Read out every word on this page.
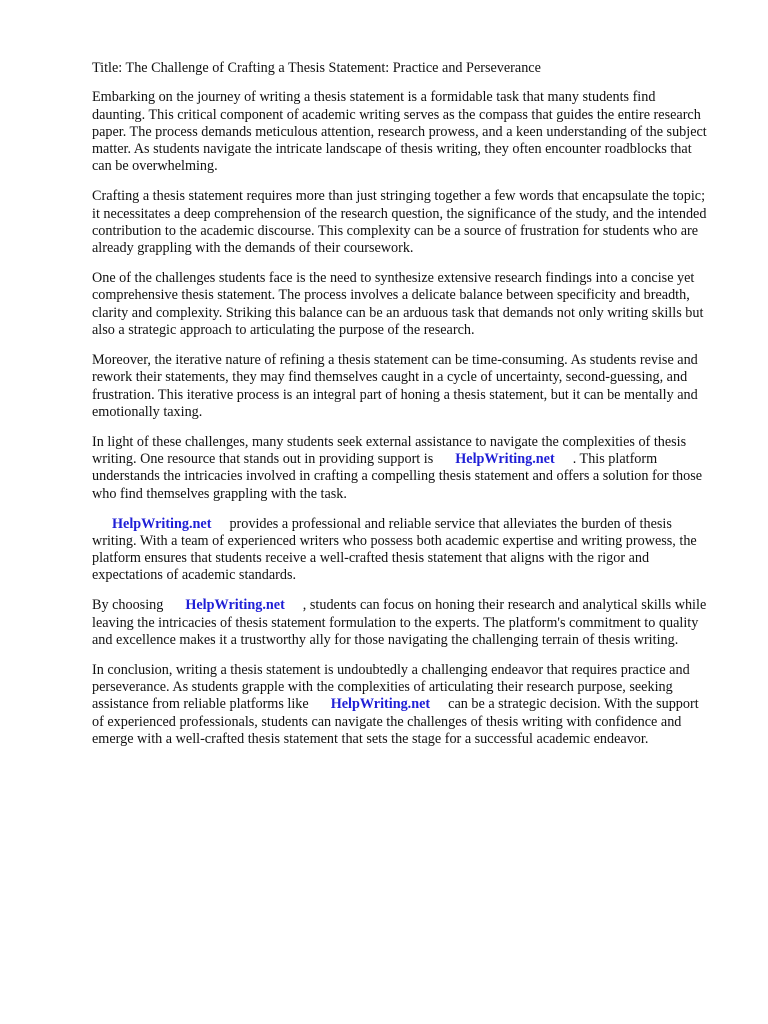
Title: The Challenge of Crafting a Thesis Statement: Practice and Perseverance

Embarking on the journey of writing a thesis statement is a formidable task that many students find daunting. This critical component of academic writing serves as the compass that guides the entire research paper. The process demands meticulous attention, research prowess, and a keen understanding of the subject matter. As students navigate the intricate landscape of thesis writing, they often encounter roadblocks that can be overwhelming.

Crafting a thesis statement requires more than just stringing together a few words that encapsulate the topic; it necessitates a deep comprehension of the research question, the significance of the study, and the intended contribution to the academic discourse. This complexity can be a source of frustration for students who are already grappling with the demands of their coursework.

One of the challenges students face is the need to synthesize extensive research findings into a concise yet comprehensive thesis statement. The process involves a delicate balance between specificity and breadth, clarity and complexity. Striking this balance can be an arduous task that demands not only writing skills but also a strategic approach to articulating the purpose of the research.

Moreover, the iterative nature of refining a thesis statement can be time-consuming. As students revise and rework their statements, they may find themselves caught in a cycle of uncertainty, second-guessing, and frustration. This iterative process is an integral part of honing a thesis statement, but it can be mentally and emotionally taxing.

In light of these challenges, many students seek external assistance to navigate the complexities of thesis writing. One resource that stands out in providing support is HelpWriting.net . This platform understands the intricacies involved in crafting a compelling thesis statement and offers a solution for those who find themselves grappling with the task.

HelpWriting.net provides a professional and reliable service that alleviates the burden of thesis writing. With a team of experienced writers who possess both academic expertise and writing prowess, the platform ensures that students receive a well-crafted thesis statement that aligns with the rigor and expectations of academic standards.

By choosing HelpWriting.net , students can focus on honing their research and analytical skills while leaving the intricacies of thesis statement formulation to the experts. The platform's commitment to quality and excellence makes it a trustworthy ally for those navigating the challenging terrain of thesis writing.

In conclusion, writing a thesis statement is undoubtedly a challenging endeavor that requires practice and perseverance. As students grapple with the complexities of articulating their research purpose, seeking assistance from reliable platforms like HelpWriting.net can be a strategic decision. With the support of experienced professionals, students can navigate the challenges of thesis writing with confidence and emerge with a well-crafted thesis statement that sets the stage for a successful academic endeavor.
